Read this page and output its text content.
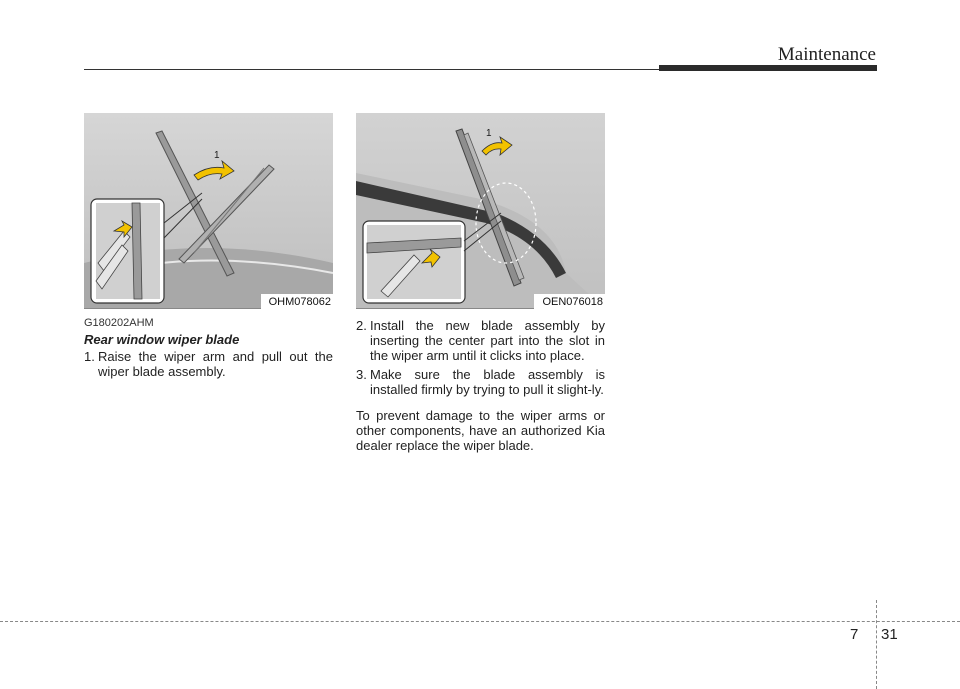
Maintenance
OHM078062
1
OEN076018
1
G180202AHM
Rear window wiper blade
1. Raise the wiper arm and pull out the wiper blade assembly.
2. Install the new blade assembly by inserting the center part into the slot in the wiper arm until it clicks into place.
3. Make sure the blade assembly is installed firmly by trying to pull it slight-ly.
To prevent damage to the wiper arms or other components, have an authorized Kia dealer replace the wiper blade.
7 31
